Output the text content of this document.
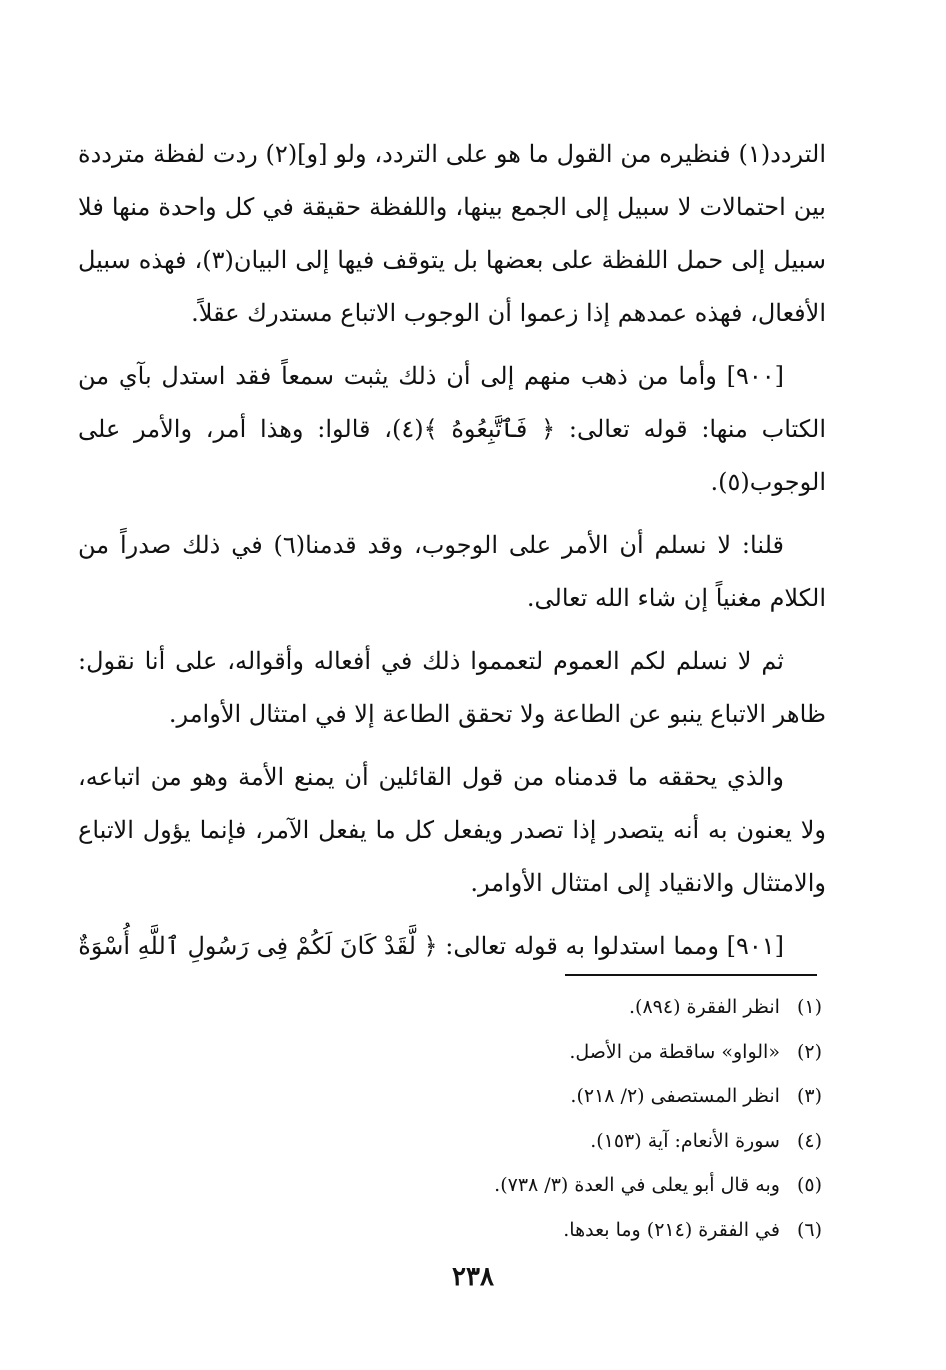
التردد(١) فنظيره من القول ما هو على التردد، ولو [و](٢) ردت لفظة مترددة بين احتمالات لا سبيل إلى الجمع بينها، واللفظة حقيقة في كل واحدة منها فلا سبيل إلى حمل اللفظة على بعضها بل يتوقف فيها إلى البيان(٣)، فهذه سبيل الأفعال، فهذه عمدهم إذا زعموا أن الوجوب الاتباع مستدرك عقلاً.

[٩٠٠] وأما من ذهب منهم إلى أن ذلك يثبت سمعاً فقد استدل بآي من الكتاب منها: قوله تعالى: ﴿ فَٱتَّبِعُوهُ ﴾(٤)، قالوا: وهذا أمر، والأمر على الوجوب(٥).

قلنا: لا نسلم أن الأمر على الوجوب، وقد قدمنا(٦) في ذلك صدراً من الكلام مغنياً إن شاء الله تعالى.

ثم لا نسلم لكم العموم لتعمموا ذلك في أفعاله وأقواله، على أنا نقول: ظاهر الاتباع ينبو عن الطاعة ولا تحقق الطاعة إلا في امتثال الأوامر.

والذي يحققه ما قدمناه من قول القائلين أن يمنع الأمة وهو من اتباعه، ولا يعنون به أنه يتصدر إذا تصدر ويفعل كل ما يفعل الآمر، فإنما يؤول الاتباع والامتثال والانقياد إلى امتثال الأوامر.

[٩٠١] ومما استدلوا به قوله تعالى: ﴿ لَّقَدْ كَانَ لَكُمْ فِى رَسُولِ ٱللَّهِ أُسْوَةٌ

(١) انظر الفقرة (٨٩٤).
(٢) «الواو» ساقطة من الأصل.
(٣) انظر المستصفى (٢/ ٢١٨).
(٤) سورة الأنعام: آية (١٥٣).
(٥) وبه قال أبو يعلى في العدة (٣/ ٧٣٨).
(٦) في الفقرة (٢١٤) وما بعدها.
٢٣٨
